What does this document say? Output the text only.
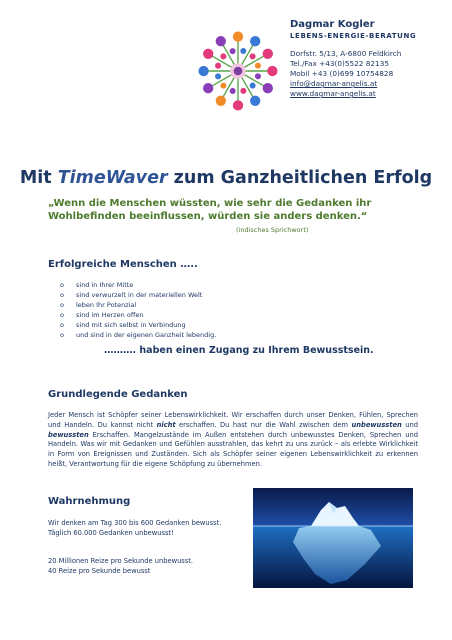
Dagmar Kogler
LEBENS-ENERGIE-BERATUNG
Dorfstr. 5/13, A-6800 Feldkirch
Tel./Fax +43(0)5522 82135
Mobil +43 (0)699 10754828
info@dagmar-angelis.at
www.dagmar-angelis.at
Mit TimeWaver zum Ganzheitlichen Erfolg
„Wenn die Menschen wüssten, wie sehr die Gedanken ihr Wohlbefinden beeinflussen, würden sie anders denken.“
(indisches Sprichwort)
Erfolgreiche Menschen …..
o sind in Ihrer Mitte
o sind verwurzelt in der materiellen Welt
o leben Ihr Potenzial
o sind im Herzen offen
o sind mit sich selbst in Verbindung
o und sind in der eigenen Ganzheit lebendig.
………. haben einen Zugang zu Ihrem Bewusstsein.
Grundlegende Gedanken
Jeder Mensch ist Schöpfer seiner Lebenswirklichkeit. Wir erschaffen durch unser Denken, Fühlen, Sprechen und Handeln. Du kannst nicht nicht erschaffen. Du hast nur die Wahl zwischen dem unbewussten und bewussten Erschaffen. Mangelzustände im Außen entstehen durch unbewusstes Denken, Sprechen und Handeln. Was wir mit Gedanken und Gefühlen ausstrahlen, das kehrt zu uns zurück – als erlebte Wirklichkeit in Form von Ereignissen und Zuständen. Sich als Schöpfer seiner eigenen Lebenswirklichkeit zu erkennen heißt, Verantwortung für die eigene Schöpfung zu übernehmen.
Wahrnehmung
Wir denken am Tag 300 bis 600 Gedanken bewusst.
Täglich 60.000 Gedanken unbewusst!
20 Millionen Reize pro Sekunde unbewusst.
40 Reize pro Sekunde bewusst
